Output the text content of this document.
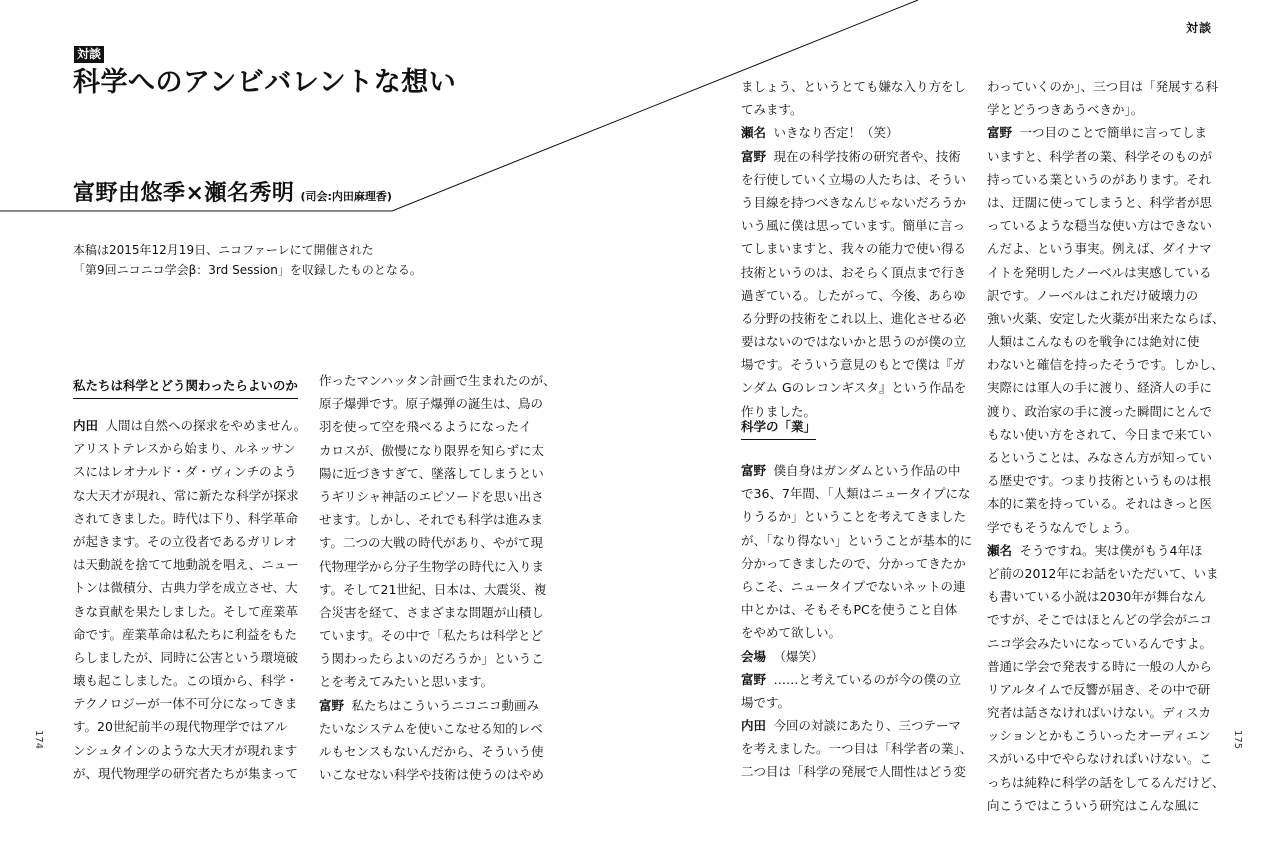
対談
対談
科学へのアンビバレントな想い
富野由悠季×瀬名秀明 (司会:内田麻理香)
本稿は2015年12月19日、ニコファーレにて開催された
「第9回ニコニコ学会β：3rd Session」を収録したものとなる。
私たちは科学とどう関わったらよいのか
内田 人間は自然への探求をやめません。
アリストテレスから始まり、ルネッサン
スにはレオナルド・ダ・ヴィンチのよう
な大天才が現れ、常に新たな科学が探求
されてきました。時代は下り、科学革命
が起きます。その立役者であるガリレオ
は天動説を捨てて地動説を唱え、ニュー
トンは微積分、古典力学を成立させ、大
きな貢献を果たしました。そして産業革
命です。産業革命は私たちに利益をもた
らしましたが、同時に公害という環境破
壊も起こしました。この頃から、科学・
テクノロジーが一体不可分になってきま
す。20世紀前半の現代物理学ではアル
ンシュタインのような大天才が現れます
が、現代物理学の研究者たちが集まって
作ったマンハッタン計画で生まれたのが、
原子爆弾です。原子爆弾の誕生は、鳥の
羽を使って空を飛べるようになったイ
カロスが、傲慢になり限界を知らずに太
陽に近づきすぎて、墜落してしまうとい
うギリシャ神話のエピソードを思い出さ
せます。しかし、それでも科学は進みま
す。二つの大戦の時代があり、やがて現
代物理学から分子生物学の時代に入りま
す。そして21世紀、日本は、大震災、複
合災害を経て、さまざまな問題が山積し
ています。その中で「私たちは科学とど
う関わったらよいのだろうか」というこ
とを考えてみたいと思います。
富野 私たちはこういうニコニコ動画み
たいなシステムを使いこなせる知的レベ
ルもセンスもないんだから、そういう使
いこなせない科学や技術は使うのはやめ
ましょう、というとても嫌な入り方をし
てみます。
瀬名 いきなり否定！（笑）
富野 現在の科学技術の研究者や、技術
を行使していく立場の人たちは、そうい
う目線を持つべきなんじゃないだろうか
いう風に僕は思っています。簡単に言っ
てしまいますと、我々の能力で使い得る
技術というのは、おそらく頂点まで行き
過ぎている。したがって、今後、あらゆ
る分野の技術をこれ以上、進化させる必
要はないのではないかと思うのが僕の立
場です。そういう意見のもとで僕は『ガ
ンダム Gのレコンギスタ』という作品を
作りました。
科学の「業」
富野 僕自身はガンダムという作品の中
で36、7年間、「人類はニュータイプにな
りうるか」ということを考えてきました
が、「なり得ない」ということが基本的に
分かってきましたので、分かってきたか
らこそ、ニュータイプでないネットの連
中とかは、そもそもPCを使うこと自体
をやめて欲しい。
会場 （爆笑）
富野 ……と考えているのが今の僕の立
場です。
内田 今回の対談にあたり、三つテーマ
を考えました。一つ目は「科学者の業」、
二つ目は「科学の発展で人間性はどう変
わっていくのか」、三つ目は「発展する科
学とどうつきあうべきか」。
富野 一つ目のことで簡単に言ってしま
いますと、科学者の業、科学そのものが
持っている業というのがあります。それ
は、迂闊に使ってしまうと、科学者が思
っているような穏当な使い方はできない
んだよ、という事実。例えば、ダイナマ
イトを発明したノーベルは実感している
訳です。ノーベルはこれだけ破壊力の
強い火薬、安定した火薬が出来たならば、
人類はこんなものを戦争には絶対に使
わないと確信を持ったそうです。しかし、
実際には軍人の手に渡り、経済人の手に
渡り、政治家の手に渡った瞬間にとんで
もない使い方をされて、今日まで来てい
るということは、みなさん方が知ってい
る歴史です。つまり技術というものは根
本的に業を持っている。それはきっと医
学でもそうなんでしょう。
瀬名 そうですね。実は僕がもう4年ほ
ど前の2012年にお話をいただいて、いま
も書いている小説は2030年が舞台なん
ですが、そこではほとんどの学会がニコ
ニコ学会みたいになっているんですよ。
普通に学会で発表する時に一般の人から
リアルタイムで反響が届き、その中で研
究者は話さなければいけない。ディスカ
ッションとかもこういったオーディエン
スがいる中でやらなければいけない。こ
っちは純粋に科学の話をしてるんだけど、
向こうではこういう研究はこんな風に
174	175
